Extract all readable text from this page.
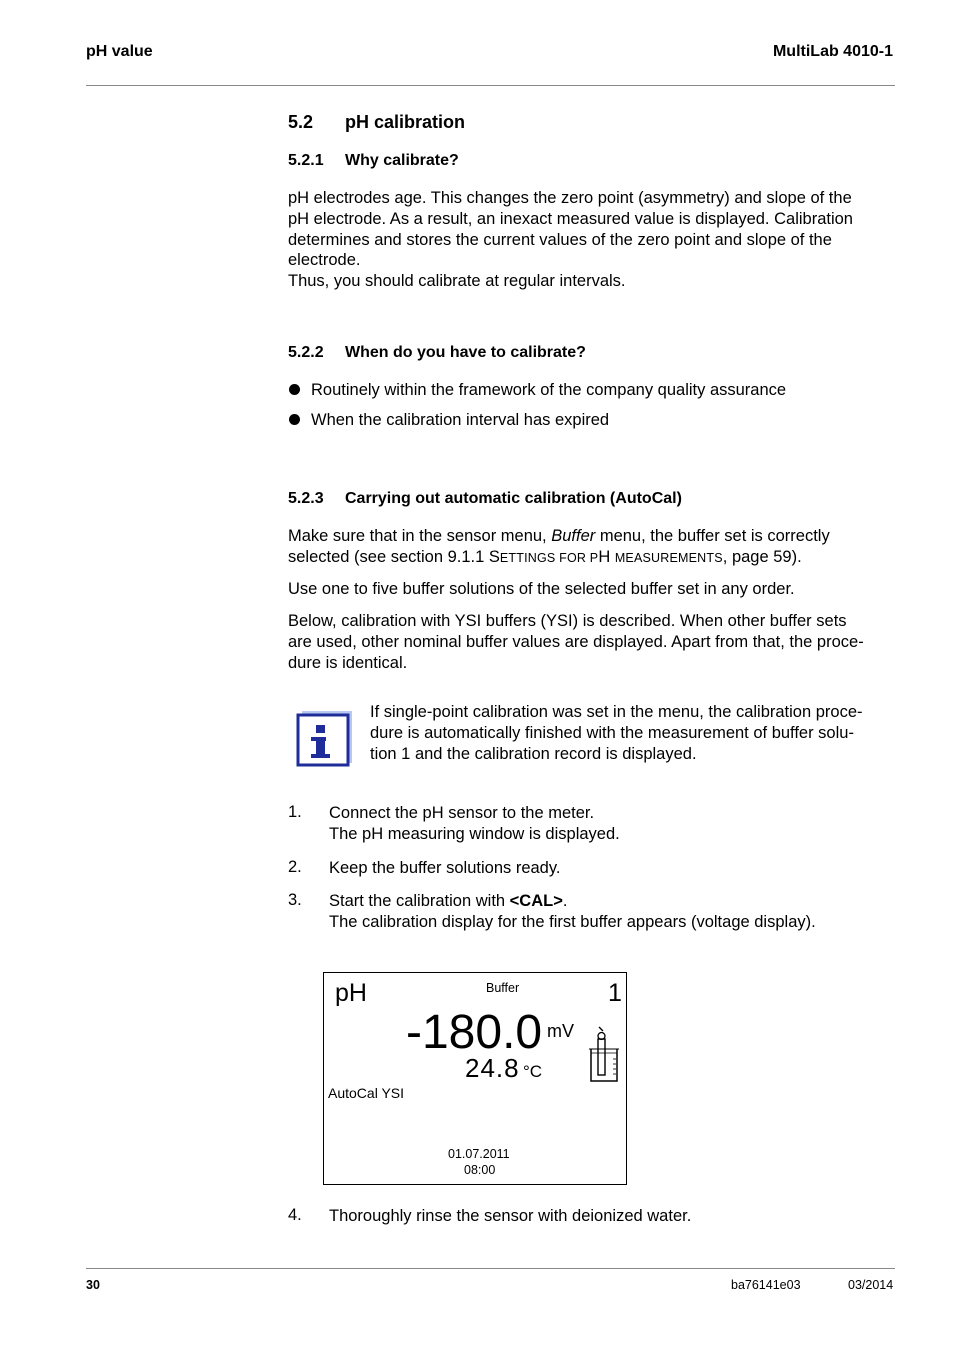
pH value	MultiLab 4010-1
5.2 pH calibration
5.2.1 Why calibrate?

pH electrodes age. This changes the zero point (asymmetry) and slope of the

pH electrode. As a result, an inexact measured value is displayed. Calibration

determines and stores the current values of the zero point and slope of the

electrode.

Thus, you should calibrate at regular intervals.

5.2.2 When do you have to calibrate?
Routinely within the framework of the company quality assurance
When the calibration interval has expired
5.2.3 Carrying out automatic calibration (AutoCal)

Make sure that in the sensor menu, Buffer menu, the buffer set is correctly

selected (see section 9.1.1 SETTINGS FOR PH MEASUREMENTS, page 59).

Use one to five buffer solutions of the selected buffer set in any order.

Below, calibration with YSI buffers (YSI) is described. When other buffer sets

are used, other nominal buffer values are displayed. Apart from that, the proce-

dure is identical.

If single-point calibration was set in the menu, the calibration proce-

dure is automatically finished with the measurement of buffer solu-

tion 1 and the calibration record is displayed.

1. Connect the pH sensor to the meter.

The pH measuring window is displayed.

2. Keep the buffer solutions ready.

3. Start the calibration with <CAL>.

The calibration display for the first buffer appears (voltage display).

pH	Buffer	1
-180.0 mV
24.8 °C
AutoCal YSI
01.07.2011
08:00
4. Thoroughly rinse the sensor with deionized water.

30	ba76141e03	03/2014
